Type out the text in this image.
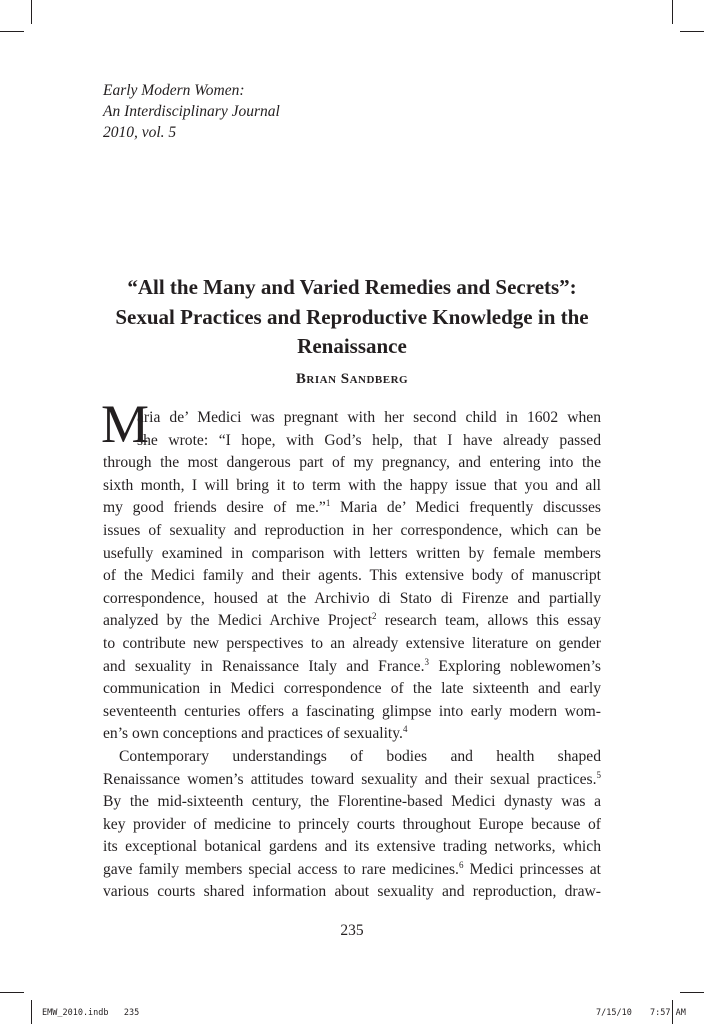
Early Modern Women:
An Interdisciplinary Journal
2010, vol. 5
“All the Many and Varied Remedies and Secrets”:
Sexual Practices and Reproductive Knowledge in the
Renaissance
Brian Sandberg
M
aria de’ Medici was pregnant with her second child in 1602 when
she wrote: “I hope, with God’s help, that I have already passed
through the most dangerous part of my pregnancy, and entering into the
sixth month, I will bring it to term with the happy issue that you and all
my good friends desire of me.”$^1$ Maria de’ Medici frequently discusses
issues of sexuality and reproduction in her correspondence, which can be
usefully examined in comparison with letters written by female members
of the Medici family and their agents. This extensive body of manuscript
correspondence, housed at the Archivio di Stato di Firenze and partially
analyzed by the Medici Archive Project$^2$ research team, allows this essay
to contribute new perspectives to an already extensive literature on gender
and sexuality in Renaissance Italy and France.$^3$ Exploring noblewomen’s
communication in Medici correspondence of the late sixteenth and early
seventeenth centuries offers a fascinating glimpse into early modern wom-
en’s own conceptions and practices of sexuality.$^4$
Contemporary understandings of bodies and health shaped
Renaissance women’s attitudes toward sexuality and their sexual practices.$^5$
By the mid-sixteenth century, the Florentine-based Medici dynasty was a
key provider of medicine to princely courts throughout Europe because of
its exceptional botanical gardens and its extensive trading networks, which
gave family members special access to rare medicines.$^6$ Medici princesses at
various courts shared information about sexuality and reproduction, draw-
235
EMW_2010.indb   235	7/15/10 7:57 AM
